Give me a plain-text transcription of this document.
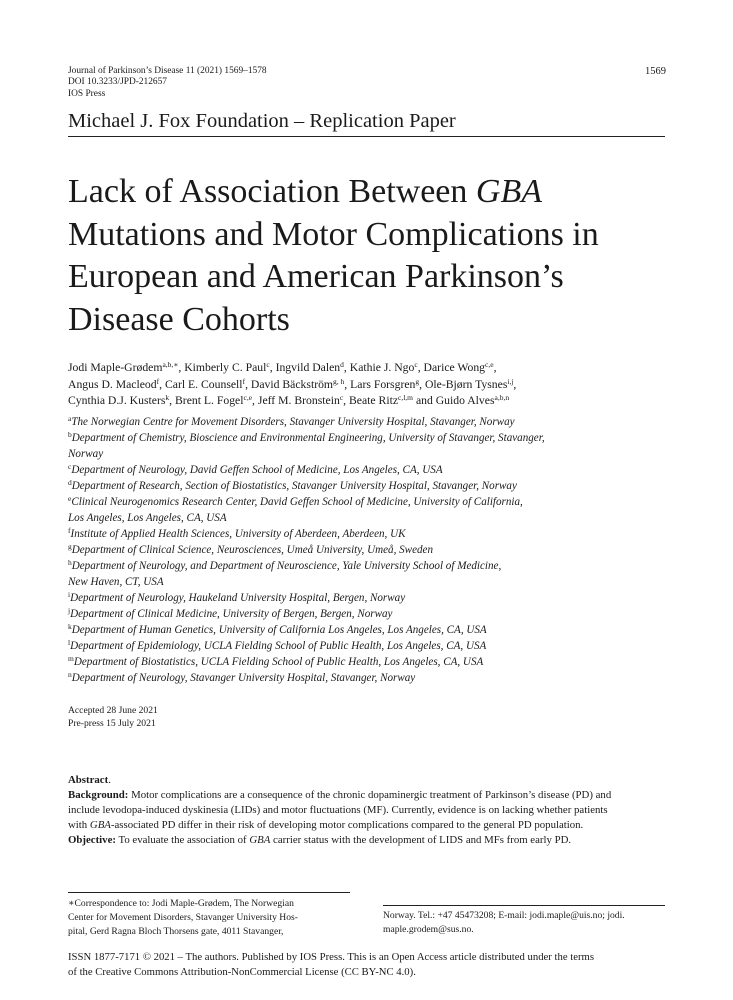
Journal of Parkinson’s Disease 11 (2021) 1569–1578
DOI 10.3233/JPD-212657
IOS Press
1569
Michael J. Fox Foundation – Replication Paper
Lack of Association Between GBA
Mutations and Motor Complications in
European and American Parkinson’s
Disease Cohorts
Jodi Maple-Grødem$^{a,b,∗}$, Kimberly C. Paul$^c$, Ingvild Dalen$^d$, Kathie J. Ngo$^c$, Darice Wong$^{c,e}$,
Angus D. Macleod$^f$, Carl E. Counsell$^f$, David Bäckström$^{g, h}$, Lars Forsgren$^g$, Ole-Bjørn Tysnes$^{i,j}$,
Cynthia D.J. Kusters$^k$, Brent L. Fogel$^{c,e}$, Jeff M. Bronstein$^c$, Beate Ritz$^{c,l,m}$ and Guido Alves$^{a,b,n}$
$^a$The Norwegian Centre for Movement Disorders, Stavanger University Hospital, Stavanger, Norway
$^b$Department of Chemistry, Bioscience and Environmental Engineering, University of Stavanger, Stavanger,
Norway
$^c$Department of Neurology, David Geffen School of Medicine, Los Angeles, CA, USA
$^d$Department of Research, Section of Biostatistics, Stavanger University Hospital, Stavanger, Norway
$^e$Clinical Neurogenomics Research Center, David Geffen School of Medicine, University of California,
Los Angeles, Los Angeles, CA, USA
$^f$Institute of Applied Health Sciences, University of Aberdeen, Aberdeen, UK
$^g$Department of Clinical Science, Neurosciences, Umeå University, Umeå, Sweden
$^h$Department of Neurology, and Department of Neuroscience, Yale University School of Medicine,
New Haven, CT, USA
$^i$Department of Neurology, Haukeland University Hospital, Bergen, Norway
$^j$Department of Clinical Medicine, University of Bergen, Bergen, Norway
$^k$Department of Human Genetics, University of California Los Angeles, Los Angeles, CA, USA
$^l$Department of Epidemiology, UCLA Fielding School of Public Health, Los Angeles, CA, USA
$^m$Department of Biostatistics, UCLA Fielding School of Public Health, Los Angeles, CA, USA
$^n$Department of Neurology, Stavanger University Hospital, Stavanger, Norway
Accepted 28 June 2021
Pre-press 15 July 2021
Abstract.
Background: Motor complications are a consequence of the chronic dopaminergic treatment of Parkinson’s disease (PD) and
include levodopa-induced dyskinesia (LIDs) and motor fluctuations (MF). Currently, evidence is on lacking whether patients
with GBA-associated PD differ in their risk of developing motor complications compared to the general PD population.
Objective: To evaluate the association of GBA carrier status with the development of LIDS and MFs from early PD.
∗Correspondence to: Jodi Maple-Grødem, The Norwegian
Center for Movement Disorders, Stavanger University Hos-
pital, Gerd Ragna Bloch Thorsens gate, 4011 Stavanger,
Norway. Tel.: +47 45473208; E-mail: jodi.maple@uis.no; jodi.
maple.grodem@sus.no.
ISSN 1877-7171 © 2021 – The authors. Published by IOS Press. This is an Open Access article distributed under the terms
of the Creative Commons Attribution-NonCommercial License (CC BY-NC 4.0).
